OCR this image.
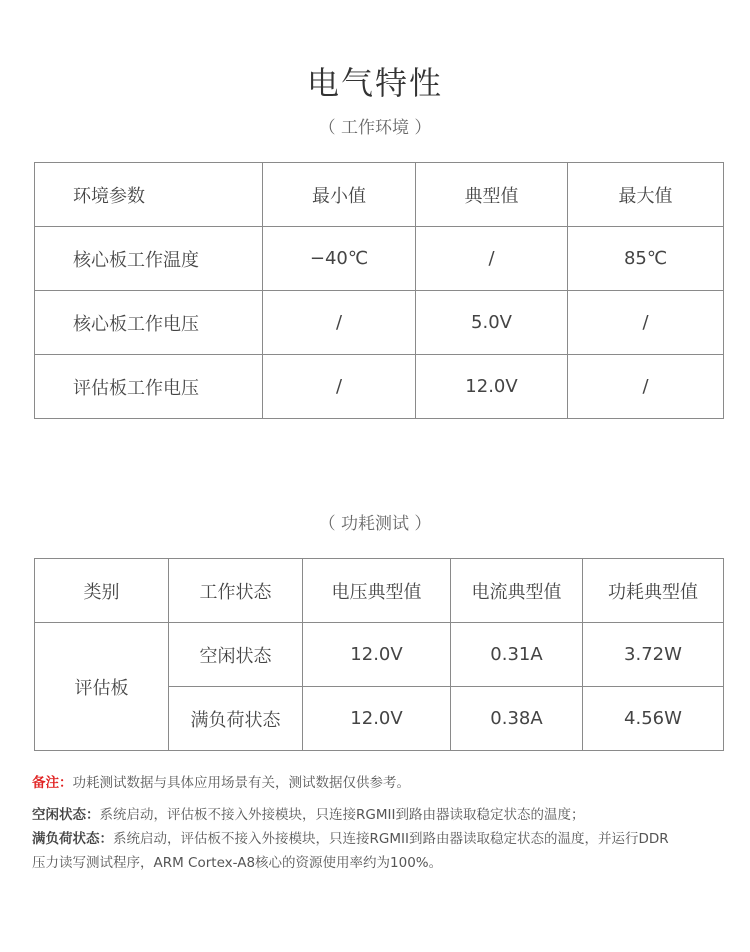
电气特性
（ 工作环境 ）
环境参数	最小值	典型值	最大值
核心板工作温度	−40℃	/	85℃
核心板工作电压	/	5.0V	/
评估板工作电压	/	12.0V	/
（ 功耗测试 ）
类别	工作状态	电压典型值	电流典型值	功耗典型值
评估板	空闲状态	12.0V	0.31A	3.72W
	满负荷状态	12.0V	0.38A	4.56W
备注：功耗测试数据与具体应用场景有关，测试数据仅供参考。
空闲状态：系统启动，评估板不接入外接模块，只连接RGMII到路由器读取稳定状态的温度；
满负荷状态：系统启动，评估板不接入外接模块，只连接RGMII到路由器读取稳定状态的温度，并运行DDR
压力读写测试程序，ARM Cortex-A8核心的资源使用率约为100%。
